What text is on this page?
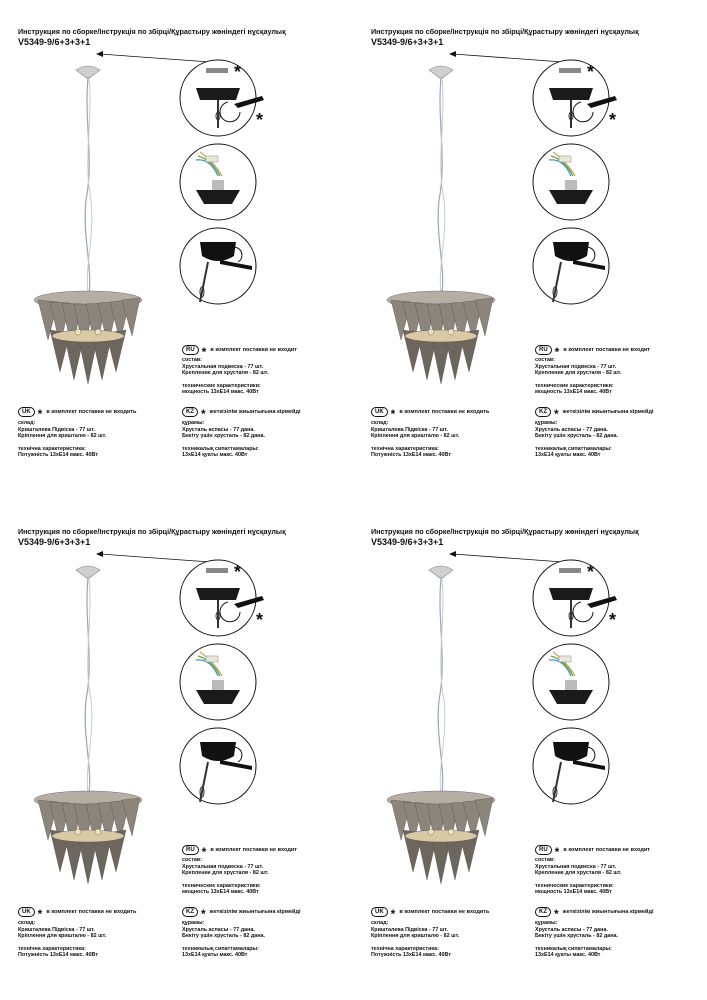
Инструкция по сборке/Інструкція по збірці/Құрастыру жөніндегі нұсқаулық
V5349-9/6+3+3+1
*
*
RU * в комплект поставки не входит
состав:
Хрустальная подвеска - 77 шт.
Крепление для хрусталя - 82 шт.
технические характеристики:
мощность 13хЕ14 макс. 40Вт
UK * в комплект поставки не входить
склад:
Кришталева Підвіска - 77 шт.
Кріплення для кришталю - 82 шт.
технічна характеристика:
Потужність 13хЕ14 макс. 40Вт
KZ * жеткізілім жиынтығына кірмейді
құрамы:
Хрусталь аспасы - 77 дана.
Бекіту үшін хрусталь - 82 дана.
техникалық сипаттамалары:
13хЕ14 қуаты макс. 40Вт
Инструкция по сборке/Інструкція по збірці/Құрастыру жөніндегі нұсқаулық
V5349-9/6+3+3+1
*
*
RU * в комплект поставки не входит
состав:
Хрустальная подвеска - 77 шт.
Крепление для хрусталя - 82 шт.
технические характеристики:
мощность 13хЕ14 макс. 40Вт
UK * в комплект поставки не входить
склад:
Кришталева Підвіска - 77 шт.
Кріплення для кришталю - 82 шт.
технічна характеристика:
Потужність 13хЕ14 макс. 40Вт
KZ * жеткізілім жиынтығына кірмейді
құрамы:
Хрусталь аспасы - 77 дана.
Бекіту үшін хрусталь - 82 дана.
техникалық сипаттамалары:
13хЕ14 қуаты макс. 40Вт
Инструкция по сборке/Інструкція по збірці/Құрастыру жөніндегі нұсқаулық
V5349-9/6+3+3+1
*
*
RU * в комплект поставки не входит
состав:
Хрустальная подвеска - 77 шт.
Крепление для хрусталя - 82 шт.
технические характеристики:
мощность 13хЕ14 макс. 40Вт
UK * в комплект поставки не входить
склад:
Кришталева Підвіска - 77 шт.
Кріплення для кришталю - 82 шт.
технічна характеристика:
Потужність 13хЕ14 макс. 40Вт
KZ * жеткізілім жиынтығына кірмейді
құрамы:
Хрусталь аспасы - 77 дана.
Бекіту үшін хрусталь - 82 дана.
техникалық сипаттамалары:
13хЕ14 қуаты макс. 40Вт
Инструкция по сборке/Інструкція по збірці/Құрастыру жөніндегі нұсқаулық
V5349-9/6+3+3+1
*
*
RU * в комплект поставки не входит
состав:
Хрустальная подвеска - 77 шт.
Крепление для хрусталя - 82 шт.
технические характеристики:
мощность 13хЕ14 макс. 40Вт
UK * в комплект поставки не входить
склад:
Кришталева Підвіска - 77 шт.
Кріплення для кришталю - 82 шт.
технічна характеристика:
Потужність 13хЕ14 макс. 40Вт
KZ * жеткізілім жиынтығына кірмейді
құрамы:
Хрусталь аспасы - 77 дана.
Бекіту үшін хрусталь - 82 дана.
техникалық сипаттамалары:
13хЕ14 қуаты макс. 40Вт
